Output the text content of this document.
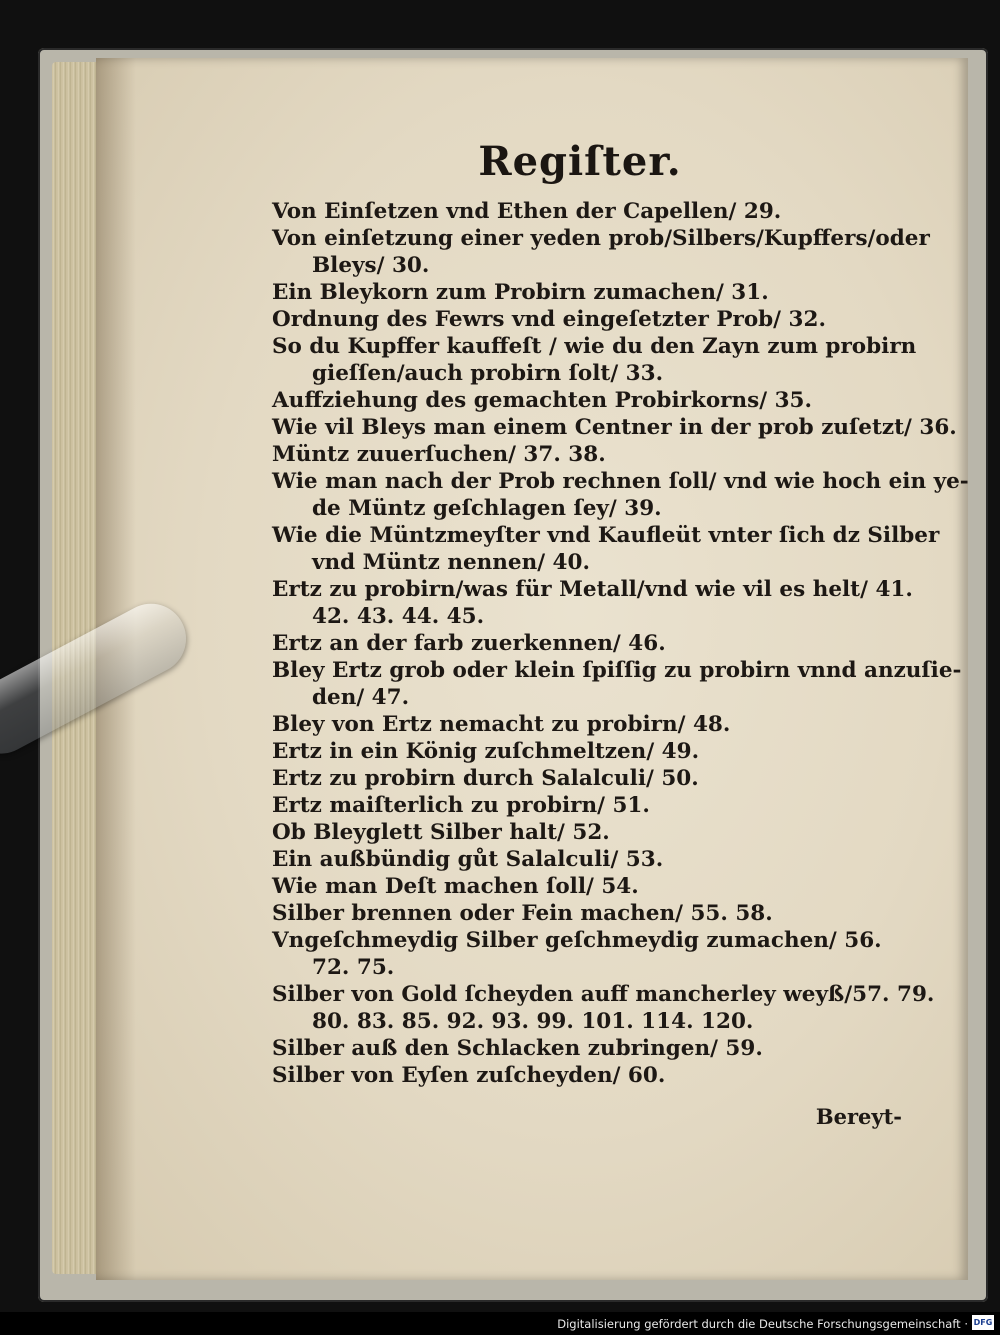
Regiſter.
Von Einſetzen vnd Ethen der Capellen/ 29.
Von einſetzung einer yeden prob/Silbers/Kupffers/oder
Bleys/ 30.
Ein Bleykorn zum Probirn zumachen/ 31.
Ordnung des Fewrs vnd eingeſetzter Prob/ 32.
So du Kupffer kauffeſt / wie du den Zayn zum probirn
gieſſen/auch probirn ſolt/ 33.
Auffziehung des gemachten Probirkorns/ 35.
Wie vil Bleys man einem Centner in der prob zuſetzt/ 36.
Müntz zuuerſuchen/ 37. 38.
Wie man nach der Prob rechnen ſoll/ vnd wie hoch ein ye-
de Müntz geſchlagen ſey/ 39.
Wie die Müntzmeyſter vnd Kaufleüt vnter ſich dz Silber
vnd Müntz nennen/ 40.
Ertz zu probirn/was für Metall/vnd wie vil es helt/ 41.
42. 43. 44. 45.
Ertz an der farb zuerkennen/ 46.
Bley Ertz grob oder klein ſpiſſig zu probirn vnnd anzuſie-
den/ 47.
Bley von Ertz nemacht zu probirn/ 48.
Ertz in ein König zuſchmeltzen/ 49.
Ertz zu probirn durch Salalculi/ 50.
Ertz maiſterlich zu probirn/ 51.
Ob Bleyglett Silber halt/ 52.
Ein außbündig gůt Salalculi/ 53.
Wie man Deſt machen ſoll/ 54.
Silber brennen oder Fein machen/ 55. 58.
Vngeſchmeydig Silber geſchmeydig zumachen/ 56.
72. 75.
Silber von Gold ſcheyden auff mancherley weyß/57. 79.
80. 83. 85. 92. 93. 99. 101. 114. 120.
Silber auß den Schlacken zubringen/ 59.
Silber von Eyſen zuſcheyden/ 60.
Bereyt-
Digitalisierung gefördert durch die Deutsche Forschungsgemeinschaft · DFG
